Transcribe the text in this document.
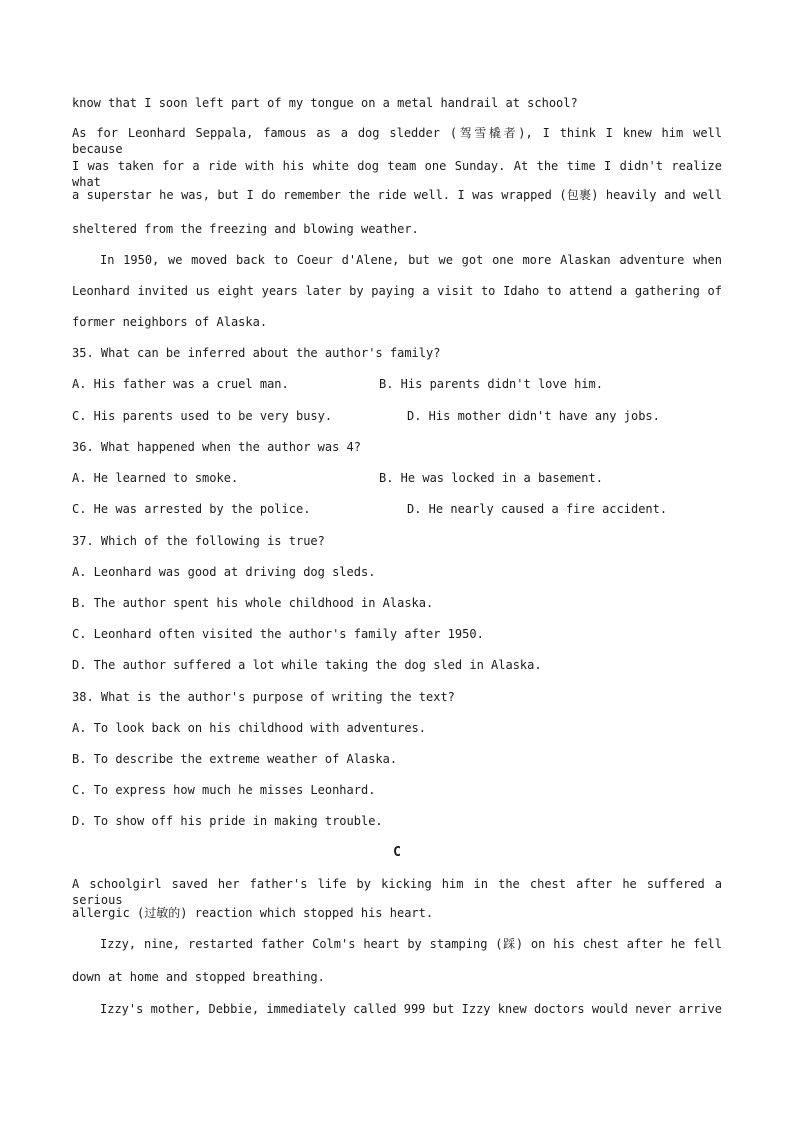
know that I soon left part of my tongue on a metal handrail at school?
As for Leonhard Seppala, famous as a dog sledder (驾雪橇者), I think I knew him well because
I was taken for a ride with his white dog team one Sunday. At the time I didn't realize what
a superstar he was, but I do remember the ride well. I was wrapped (包裹) heavily and well
sheltered from the freezing and blowing weather.
In 1950, we moved back to Coeur d'Alene, but we got one more Alaskan adventure when
Leonhard invited us eight years later by paying a visit to Idaho to attend a gathering of
former neighbors of Alaska.
35. What can be inferred about the author's family?
A. His father was a cruel man.	B. His parents didn't love him.
C. His parents used to be very busy.	D. His mother didn't have any jobs.
36. What happened when the author was 4?
A. He learned to smoke.	B. He was locked in a basement.
C. He was arrested by the police.	D. He nearly caused a fire accident.
37. Which of the following is true?
A. Leonhard was good at driving dog sleds.
B. The author spent his whole childhood in Alaska.
C. Leonhard often visited the author's family after 1950.
D. The author suffered a lot while taking the dog sled in Alaska.
38. What is the author's purpose of writing the text?
A. To look back on his childhood with adventures.
B. To describe the extreme weather of Alaska.
C. To express how much he misses Leonhard.
D. To show off his pride in making trouble.
C
A schoolgirl saved her father's life by kicking him in the chest after he suffered a serious
allergic (过敏的) reaction which stopped his heart.
Izzy, nine, restarted father Colm's heart by stamping (踩) on his chest after he fell
down at home and stopped breathing.
Izzy's mother, Debbie, immediately called 999 but Izzy knew doctors would never arrive
